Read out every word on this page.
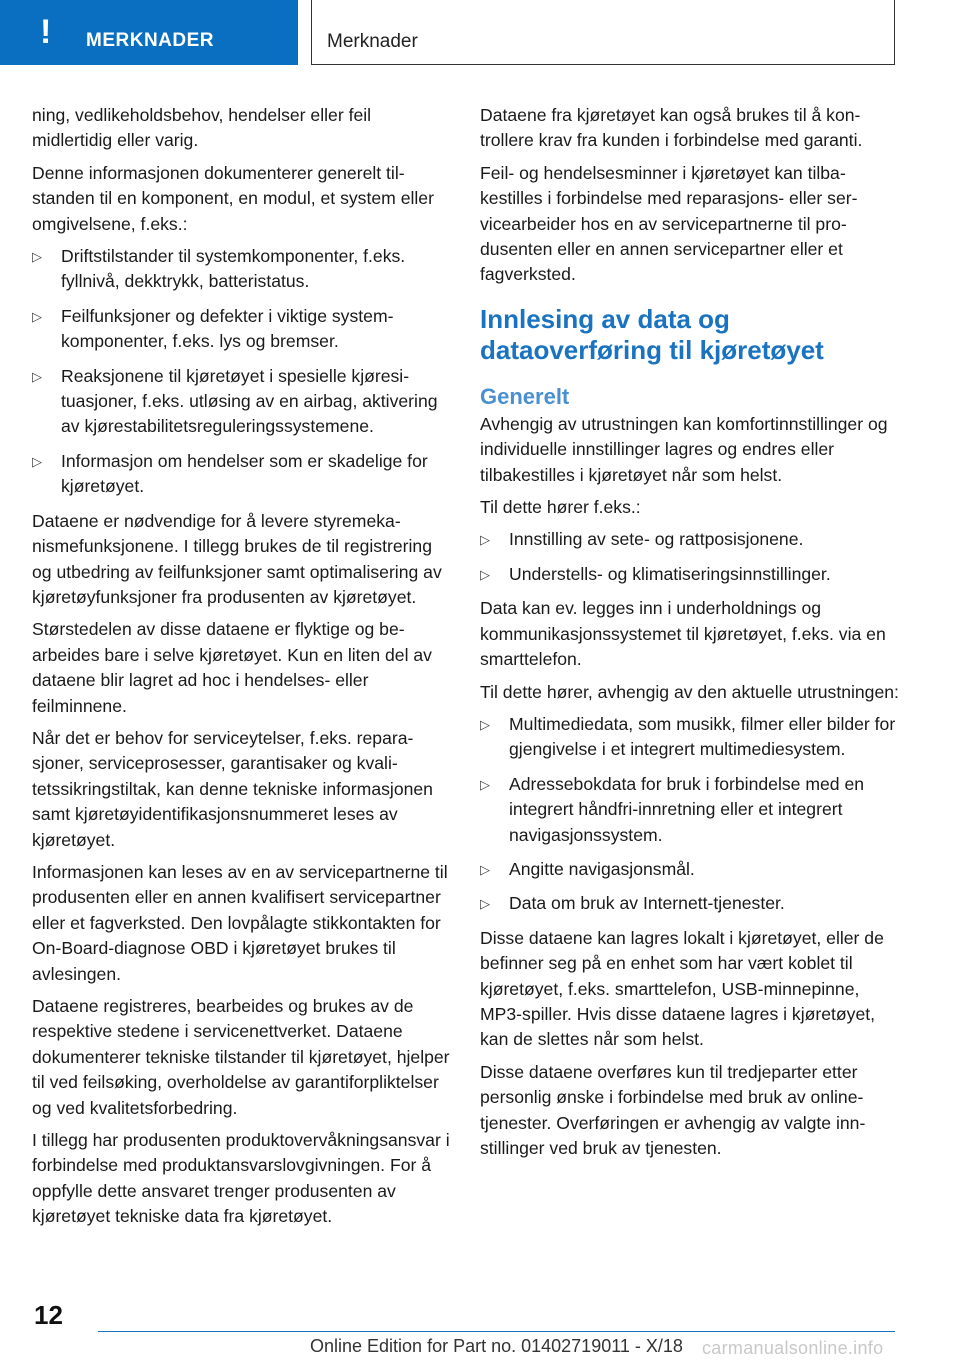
! MERKNADER	Merknader

ning, vedlikeholdsbehov, hendelser eller feil midlertidig eller varig.

Denne informasjonen dokumenterer generelt tilstanden til en komponent, en modul, et system eller omgivelsene, f.eks.:

▷ Driftstilstander til systemkomponenter, f.eks. fyllnivå, dekktrykk, batteristatus.
▷ Feilfunksjoner og defekter i viktige systemkomponenter, f.eks. lys og bremser.
▷ Reaksjonene til kjøretøyet i spesielle kjøresituasjoner, f.eks. utløsing av en airbag, aktivering av kjørestabilitetsreguleringssystemene.
▷ Informasjon om hendelser som er skadelige for kjøretøyet.

Dataene er nødvendige for å levere styremekanismefunksjonene. I tillegg brukes de til registrering og utbedring av feilfunksjoner samt optimalisering av kjøretøyfunksjoner fra produsenten av kjøretøyet.

Størstedelen av disse dataene er flyktige og bearbeides bare i selve kjøretøyet. Kun en liten del av dataene blir lagret ad hoc i hendelses- eller feilminnene.

Når det er behov for serviceytelser, f.eks. reparasjoner, serviceprosesser, garantisaker og kvalitetssikringstiltak, kan denne tekniske informasjonen samt kjøretøyidentifikasjonsnummeret leses av kjøretøyet.

Informasjonen kan leses av en av servicepartnerne til produsenten eller en annen kvalifisert servicepartner eller et fagverksted. Den lovpålagte stikkontakten for On-Board-diagnose OBD i kjøretøyet brukes til avlesingen.

Dataene registreres, bearbeides og brukes av de respektive stedene i servicenettverket. Dataene dokumenterer tekniske tilstander til kjøretøyet, hjelper til ved feilsøking, overholdelse av garantiforpliktelser og ved kvalitetsforbedring.

I tillegg har produsenten produktovervåkningsansvar i forbindelse med produktansvarslovgivningen. For å oppfylle dette ansvaret trenger produsenten av kjøretøyet tekniske data fra kjøretøyet.

Dataene fra kjøretøyet kan også brukes til å kontrollere krav fra kunden i forbindelse med garanti.

Feil- og hendelsesminner i kjøretøyet kan tilbakestilles i forbindelse med reparasjons- eller servicearbeider hos en av servicepartnerne til produsenten eller en annen servicepartner eller et fagverksted.

Innlesing av data og dataoverføring til kjøretøyet
Generelt

Avhengig av utrustningen kan komfortinnstillinger og individuelle innstillinger lagres og endres eller tilbakestilles i kjøretøyet når som helst.

Til dette hører f.eks.:

▷ Innstilling av sete- og rattposisjonene.
▷ Understells- og klimatiseringsinnstillinger.

Data kan ev. legges inn i underholdnings og kommunikasjonssystemet til kjøretøyet, f.eks. via en smarttelefon.

Til dette hører, avhengig av den aktuelle utrustningen:

▷ Multimediedata, som musikk, filmer eller bilder for gjengivelse i et integrert multimediesystem.
▷ Adressebokdata for bruk i forbindelse med en integrert håndfri-innretning eller et integrert navigasjonssystem.
▷ Angitte navigasjonsmål.
▷ Data om bruk av Internett-tjenester.

Disse dataene kan lagres lokalt i kjøretøyet, eller de befinner seg på en enhet som har vært koblet til kjøretøyet, f.eks. smarttelefon, USB-minnepinne, MP3-spiller. Hvis disse dataene lagres i kjøretøyet, kan de slettes når som helst.

Disse dataene overføres kun til tredjeparter etter personlig ønske i forbindelse med bruk av onlinetjenester. Overføringen er avhengig av valgte innstillinger ved bruk av tjenesten.

12
Online Edition for Part no. 01402719011 - X/18 carmanualsonline.info
